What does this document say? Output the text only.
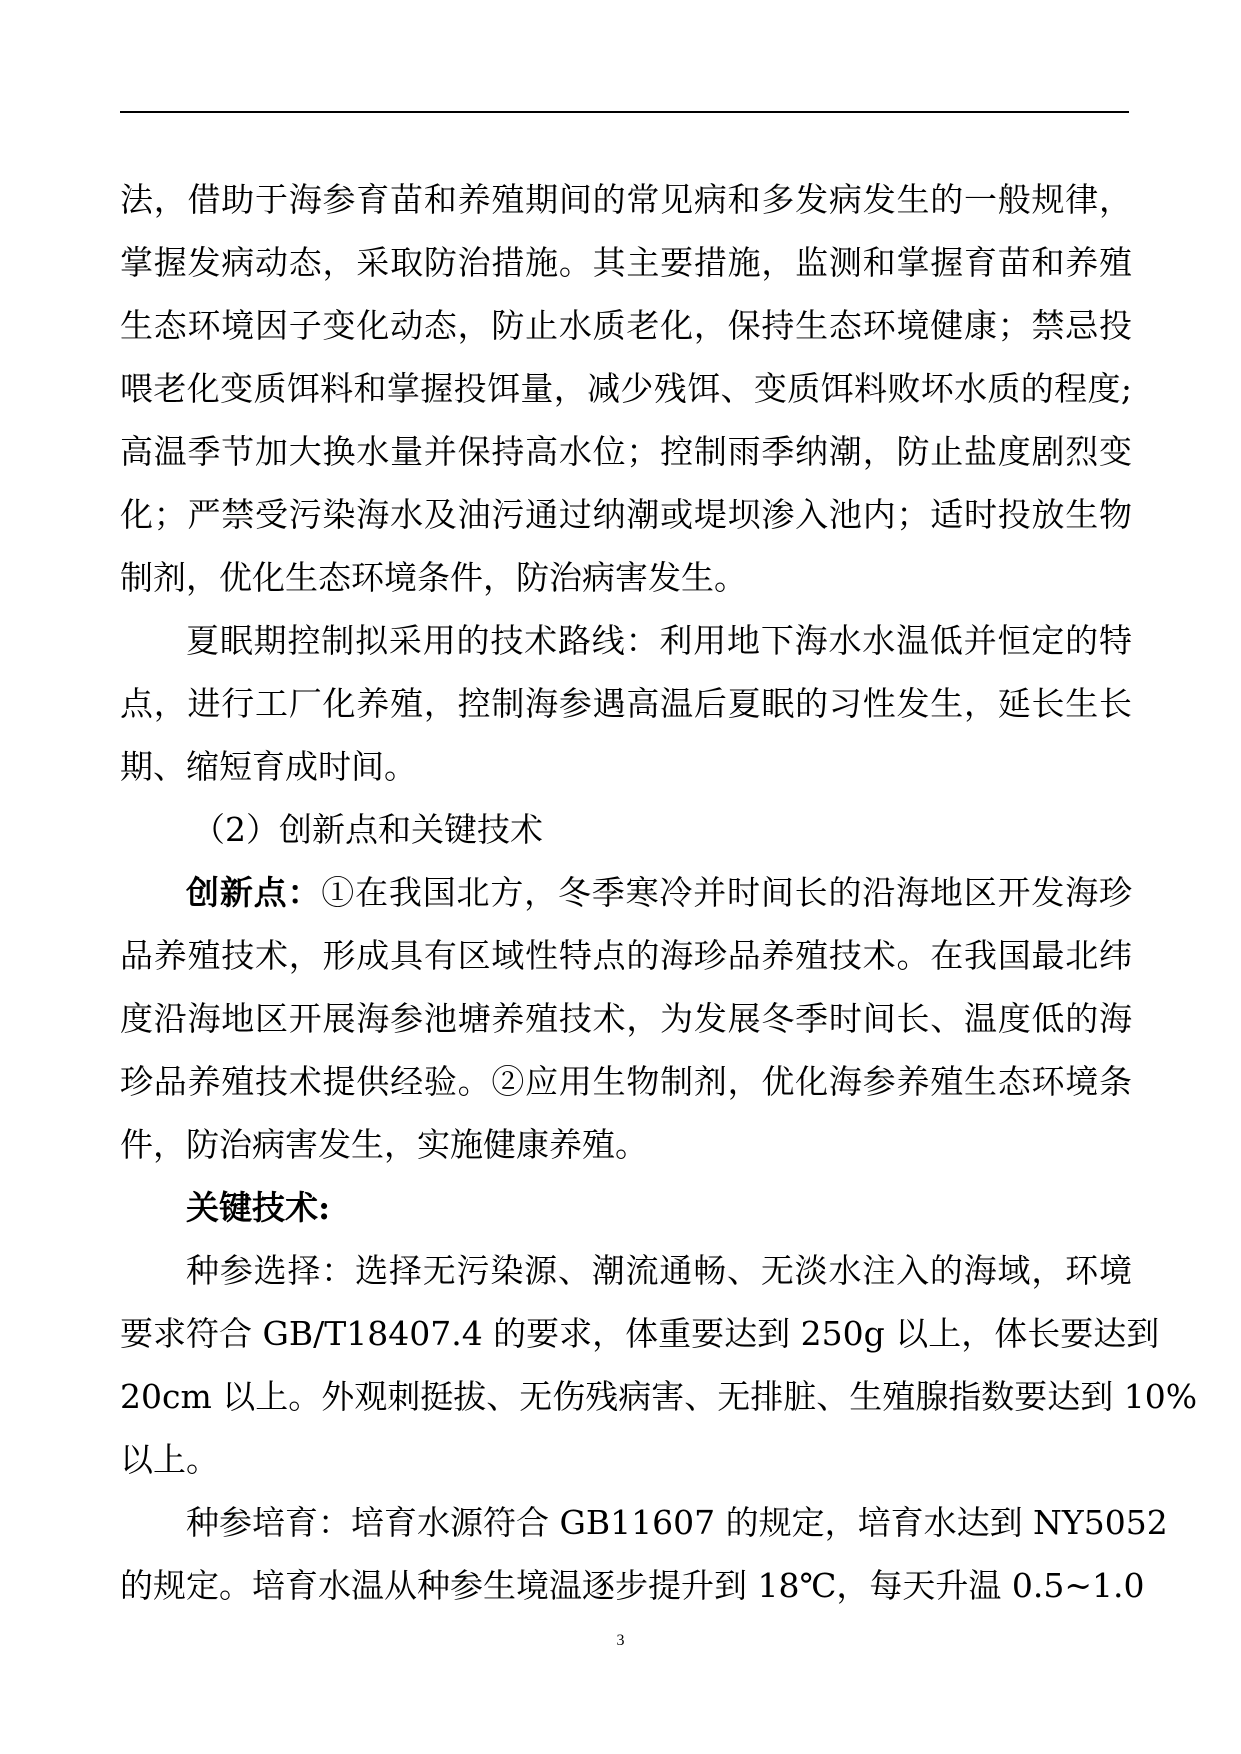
法，借助于海参育苗和养殖期间的常见病和多发病发生的一般规律，
掌握发病动态，采取防治措施。其主要措施，监测和掌握育苗和养殖
生态环境因子变化动态，防止水质老化，保持生态环境健康；禁忌投
喂老化变质饵料和掌握投饵量，减少残饵、变质饵料败坏水质的程度;
高温季节加大换水量并保持高水位；控制雨季纳潮，防止盐度剧烈变
化；严禁受污染海水及油污通过纳潮或堤坝渗入池内；适时投放生物
制剂，优化生态环境条件，防治病害发生。
夏眠期控制拟采用的技术路线：利用地下海水水温低并恒定的特
点，进行工厂化养殖，控制海参遇高温后夏眠的习性发生，延长生长
期、缩短育成时间。
（2）创新点和关键技术
创新点：①在我国北方，冬季寒冷并时间长的沿海地区开发海珍
品养殖技术，形成具有区域性特点的海珍品养殖技术。在我国最北纬
度沿海地区开展海参池塘养殖技术，为发展冬季时间长、温度低的海
珍品养殖技术提供经验。②应用生物制剂，优化海参养殖生态环境条
件，防治病害发生，实施健康养殖。
关键技术:
种参选择：选择无污染源、潮流通畅、无淡水注入的海域，环境
要求符合 GB/T18407.4 的要求，体重要达到 250g 以上，体长要达到
20cm 以上。外观刺挺拔、无伤残病害、无排脏、生殖腺指数要达到 10%
以上。
种参培育：培育水源符合 GB11607 的规定，培育水达到 NY5052
的规定。培育水温从种参生境温逐步提升到 18℃，每天升温 0.5~1.0
3
